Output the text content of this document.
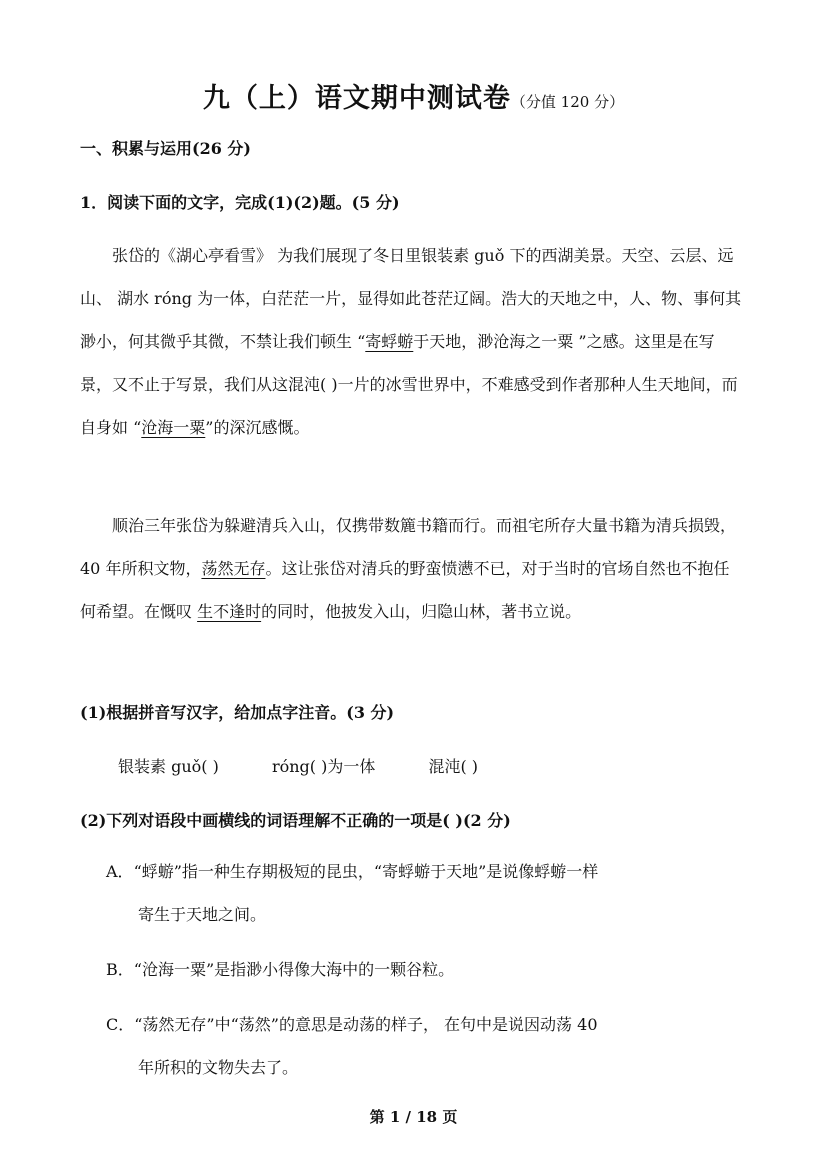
九（上）语文期中测试卷（分值 120 分）
一、积累与运用(26 分)
1．阅读下面的文字，完成(1)(2)题。(5 分)
张岱的《湖心亭看雪》 为我们展现了冬日里银装素 guǒ 下的西湖美景。天空、云层、远山、 湖水 róng 为一体，白茫茫一片，显得如此苍茫辽阔。浩大的天地之中，人、物、事何其渺小，何其微乎其微，不禁让我们顿生 “寄蜉蝣于天地，渺沧海之一粟 ”之感。这里是在写景，又不止于写景，我们从这混沌( )一片的冰雪世界中，不难感受到作者那种人生天地间，而自身如 “沧海一粟”的深沉感慨。
顺治三年张岱为躲避清兵入山，仅携带数簏书籍而行。而祖宅所存大量书籍为清兵损毁， 40 年所积文物，荡然无存。这让张岱对清兵的野蛮愤懑不已，对于当时的官场自然也不抱任何希望。在慨叹 生不逢时的同时，他披发入山，归隐山林，著书立说。
(1)根据拼音写汉字，给加点字注音。(3 分)
银装素 guǒ( )	róng( )为一体	混沌( )
(2)下列对语段中画横线的词语理解不正确的一项是( )(2 分)
A．“蜉蝣”指一种生存期极短的昆虫，“寄蜉蝣于天地”是说像蜉蝣一样
寄生于天地之间。
B．“沧海一粟”是指渺小得像大海中的一颗谷粒。
C．“荡然无存”中“荡然”的意思是动荡的样子， 在句中是说因动荡 40
年所积的文物失去了。
第 1 / 18 页
